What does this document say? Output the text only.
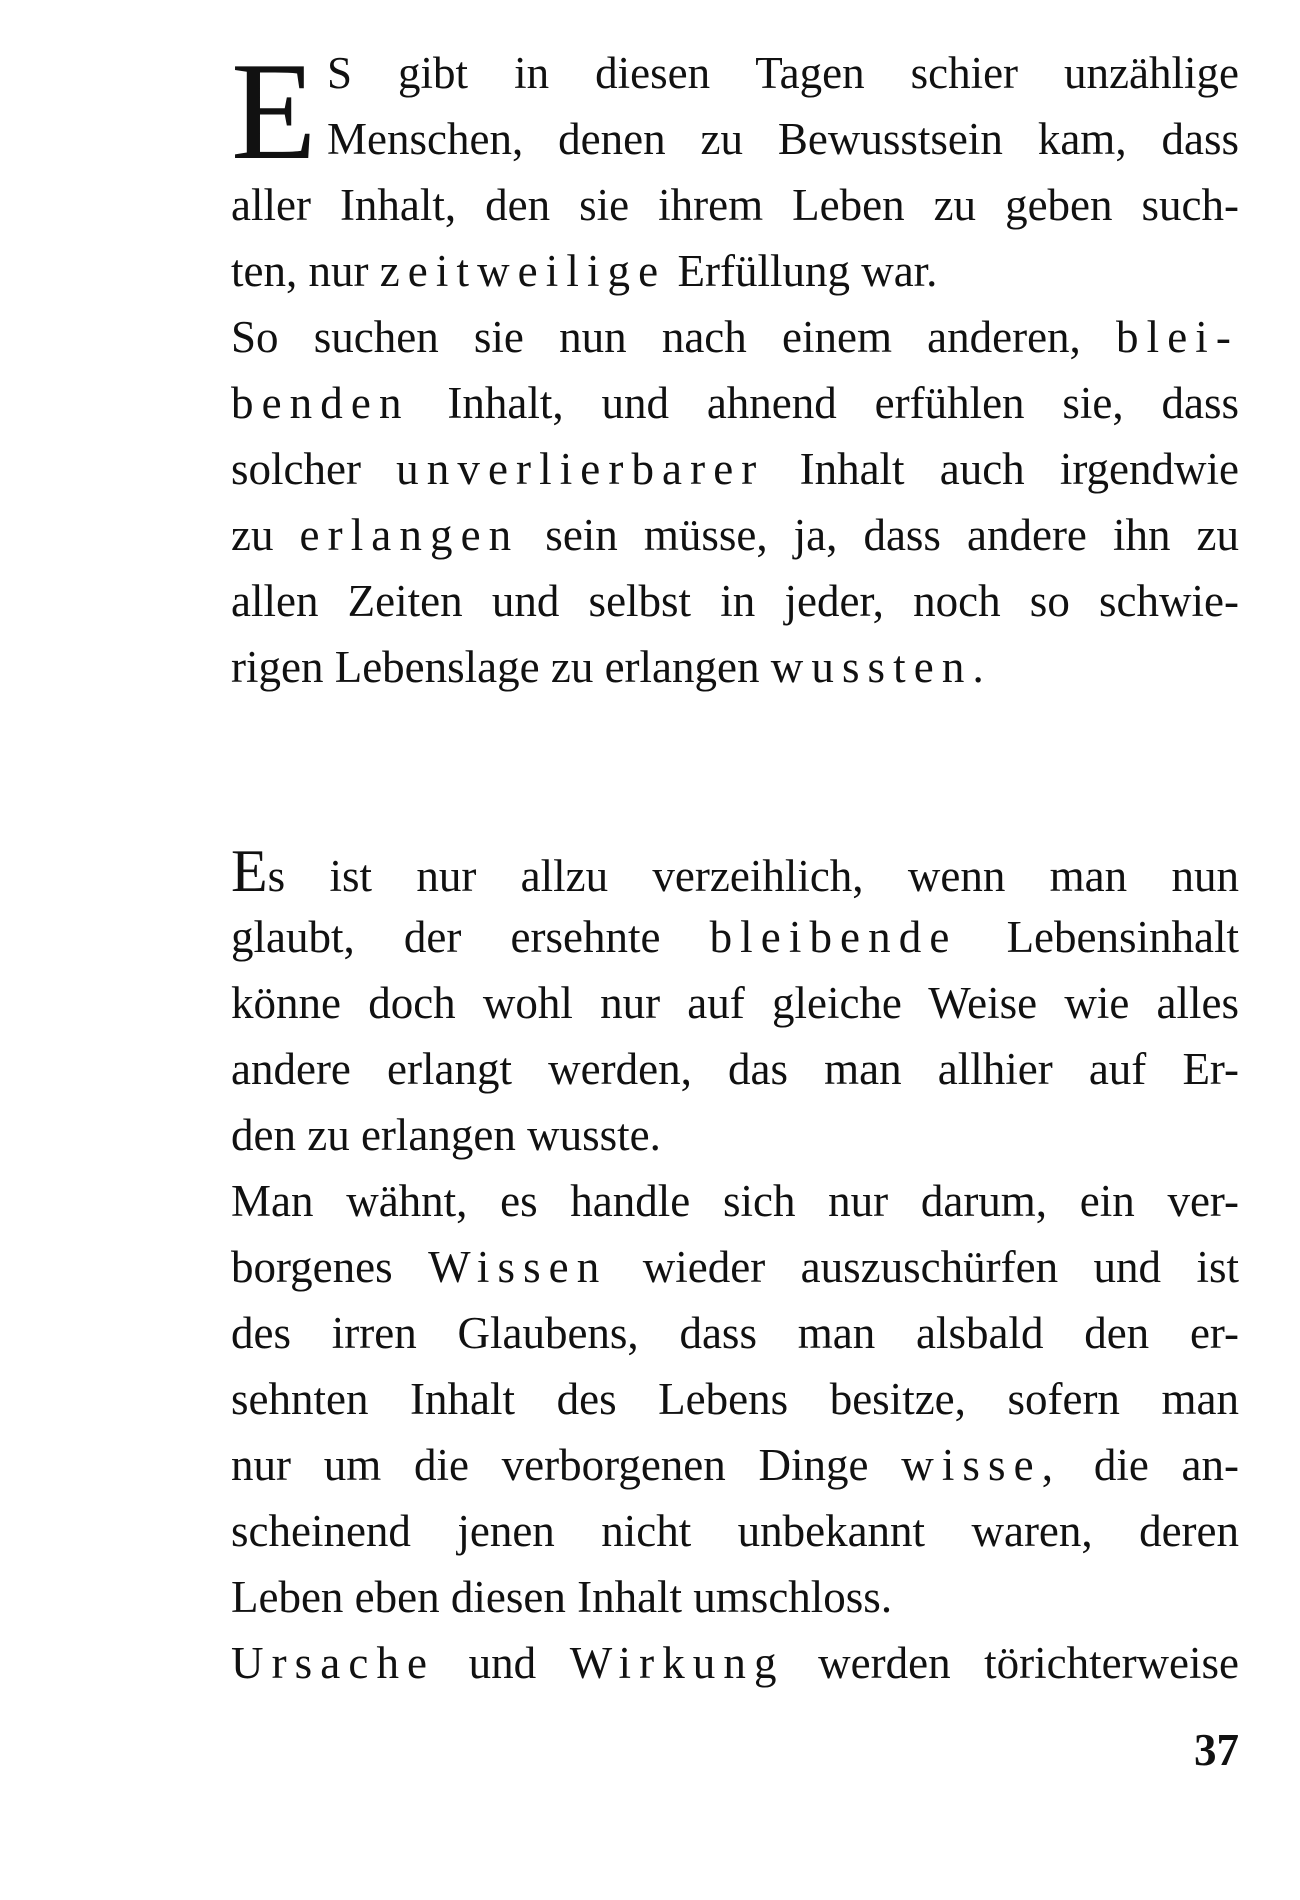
E S gibt in diesen Tagen schier unzählige
Menschen, denen zu Bewusstsein kam, dass
aller Inhalt, den sie ihrem Leben zu geben such-
ten, nur zeitweilige Erfüllung war.
So suchen sie nun nach einem anderen, blei-
benden Inhalt, und ahnend erfühlen sie, dass
solcher unverlierbarer Inhalt auch irgendwie
zu erlangen sein müsse, ja, dass andere ihn zu
allen Zeiten und selbst in jeder, noch so schwie-
rigen Lebenslage zu erlangen wussten.
Es ist nur allzu verzeihlich, wenn man nun
glaubt, der ersehnte bleibende Lebensinhalt
könne doch wohl nur auf gleiche Weise wie alles
andere erlangt werden, das man allhier auf Er-
den zu erlangen wusste.
Man wähnt, es handle sich nur darum, ein ver-
borgenes Wissen wieder auszuschürfen und ist
des irren Glaubens, dass man alsbald den er-
sehnten Inhalt des Lebens besitze, sofern man
nur um die verborgenen Dinge wisse, die an-
scheinend jenen nicht unbekannt waren, deren
Leben eben diesen Inhalt umschloss.
Ursache und Wirkung werden törichterweise
37
